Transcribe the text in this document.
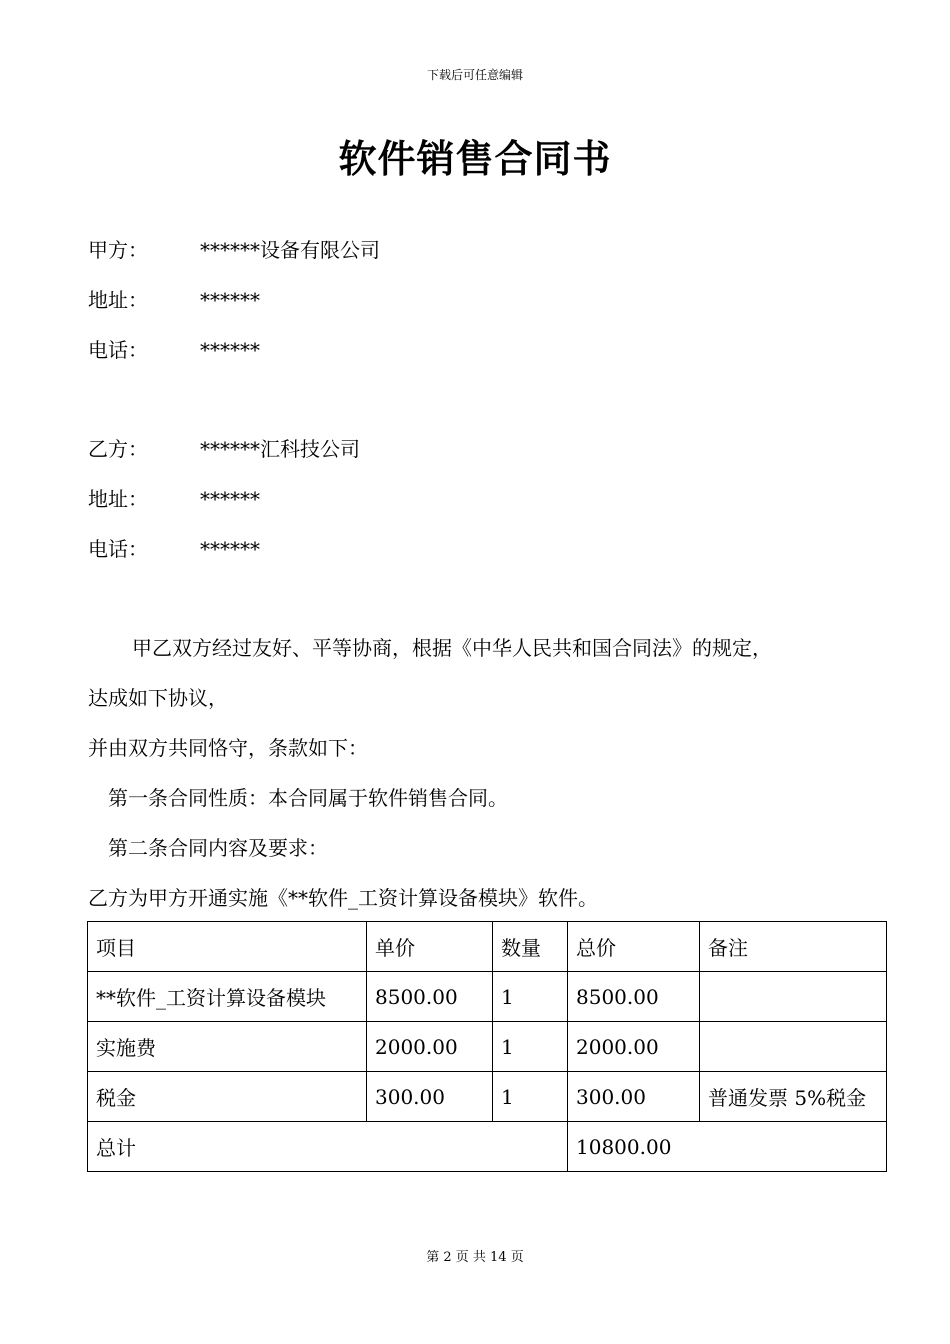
下载后可任意编辑
软件销售合同书
甲方：	******设备有限公司
地址：	******
电话：	******
乙方：	******汇科技公司
地址：	******
电话：	******
甲乙双方经过友好、平等协商，根据《中华人民共和国合同法》的规定，
达成如下协议，
并由双方共同恪守，条款如下：
第一条合同性质：本合同属于软件销售合同。
第二条合同内容及要求：
乙方为甲方开通实施《**软件_工资计算设备模块》软件。
项目	单价	数量	总价	备注
**软件_工资计算设备模块	8500.00	1	8500.00	
实施费	2000.00	1	2000.00	
税金	300.00	1	300.00	普通发票 5%税金
总计			10800.00	
第 2 页 共 14 页
